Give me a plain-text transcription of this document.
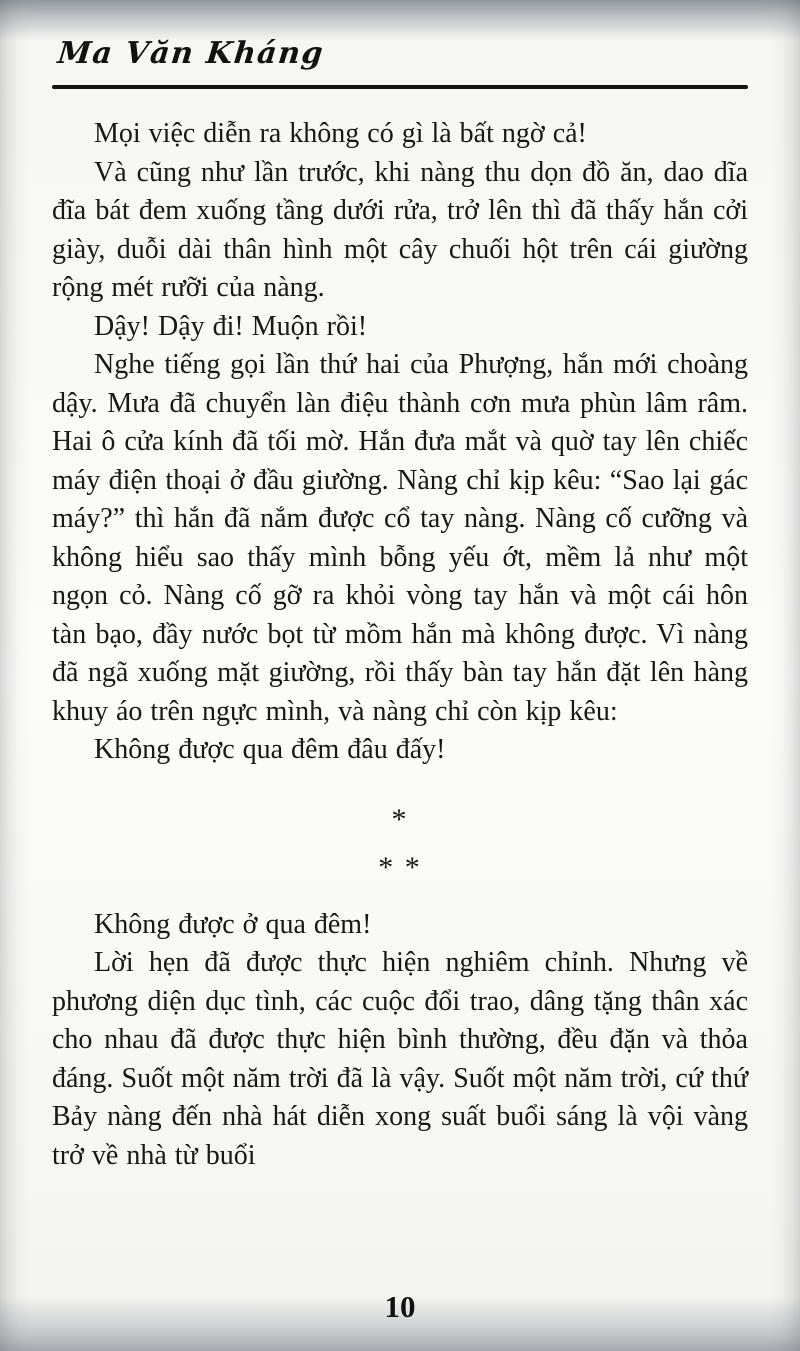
Ma Văn Kháng

Mọi việc diễn ra không có gì là bất ngờ cả!

Và cũng như lần trước, khi nàng thu dọn đồ ăn, dao dĩa đĩa bát đem xuống tầng dưới rửa, trở lên thì đã thấy hắn cởi giày, duỗi dài thân hình một cây chuối hột trên cái giường rộng mét rưỡi của nàng.

Dậy! Dậy đi! Muộn rồi!

Nghe tiếng gọi lần thứ hai của Phượng, hắn mới choàng dậy. Mưa đã chuyển làn điệu thành cơn mưa phùn lâm râm. Hai ô cửa kính đã tối mờ. Hắn đưa mắt và quờ tay lên chiếc máy điện thoại ở đầu giường. Nàng chỉ kịp kêu: “Sao lại gác máy?” thì hắn đã nắm được cổ tay nàng. Nàng cố cưỡng và không hiểu sao thấy mình bỗng yếu ớt, mềm lả như một ngọn cỏ. Nàng cố gỡ ra khỏi vòng tay hắn và một cái hôn tàn bạo, đầy nước bọt từ mồm hắn mà không được. Vì nàng đã ngã xuống mặt giường, rồi thấy bàn tay hắn đặt lên hàng khuy áo trên ngực mình, và nàng chỉ còn kịp kêu:

Không được qua đêm đâu đấy!

*
* *

Không được ở qua đêm!

Lời hẹn đã được thực hiện nghiêm chỉnh. Nhưng về phương diện dục tình, các cuộc đổi trao, dâng tặng thân xác cho nhau đã được thực hiện bình thường, đều đặn và thỏa đáng. Suốt một năm trời đã là vậy. Suốt một năm trời, cứ thứ Bảy nàng đến nhà hát diễn xong suất buổi sáng là vội vàng trở về nhà từ buổi

10
